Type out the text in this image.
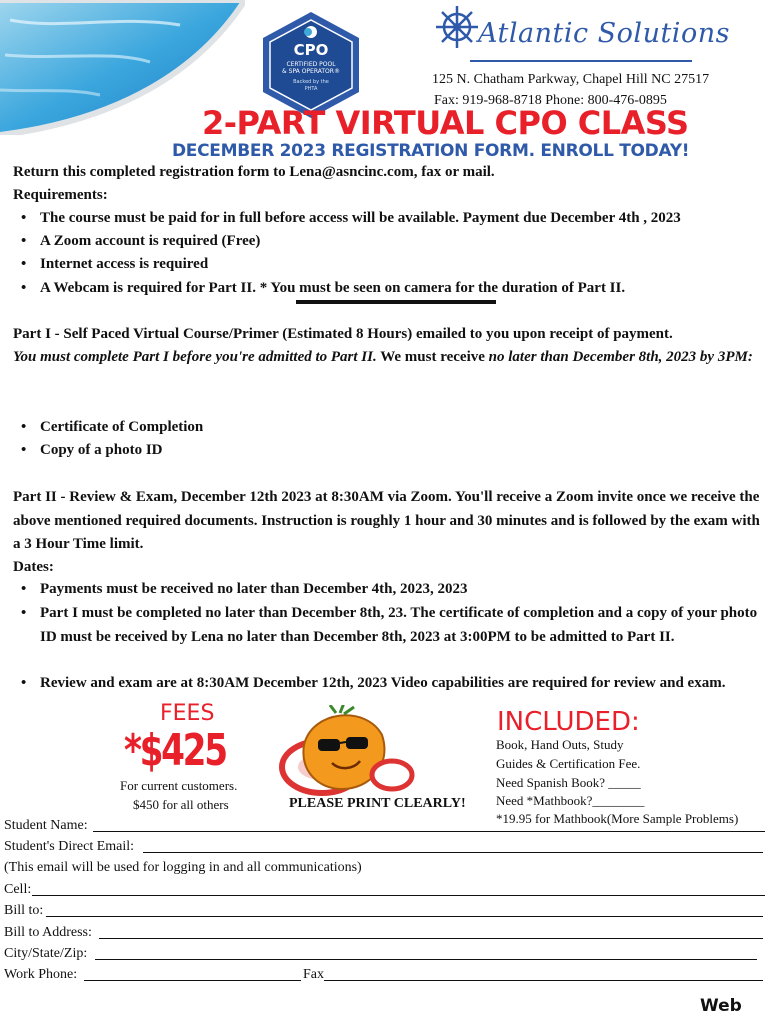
CPO
CERTIFIED POOL
& SPA OPERATOR®
Backed by the
PHTA
Atlantic Solutions
125 N. Chatham Parkway, Chapel Hill NC 27517
Fax: 919-968-8718 Phone: 800-476-0895
2-PART VIRTUAL CPO CLASS
DECEMBER 2023 REGISTRATION FORM. ENROLL TODAY!
Return this completed registration form to Lena@asncinc.com, fax or mail.
Requirements:
• The course must be paid for in full before access will be available. Payment due December 4th , 2023
• A Zoom account is required (Free)
• Internet access is required
• A Webcam is required for Part II. * You must be seen on camera for the duration of Part II.
Part I - Self Paced Virtual Course/Primer (Estimated 8 Hours) emailed to you upon receipt of payment.
You must complete Part I before you're admitted to Part II. We must receive no later than December 8th, 2023 by 3PM:
• Certificate of Completion
• Copy of a photo ID
Part II - Review & Exam, December 12th 2023 at 8:30AM via Zoom. You'll receive a Zoom invite once we receive the above mentioned required documents. Instruction is roughly 1 hour and 30 minutes and is followed by the exam with a 3 Hour Time limit.
Dates:
• Payments must be received no later than December 4th, 2023, 2023
• Part I must be completed no later than December 8th, 23. The certificate of completion and a copy of your photo ID must be received by Lena no later than December 8th, 2023 at 3:00PM to be admitted to Part II.
• Review and exam are at 8:30AM December 12th, 2023 Video capabilities are required for review and exam.
FEES
*$425
For current customers.
$450 for all others	PLEASE PRINT CLEARLY!
INCLUDED:
Book, Hand Outs, Study
Guides & Certification Fee.
Need Spanish Book? _____
Need *Mathbook?________
*19.95 for Mathbook(More Sample Problems)
Student Name:
Student's Direct Email:
(This email will be used for logging in and all communications)
Cell:
Bill to:
Bill to Address:
City/State/Zip:
Work Phone:	Fax
Web
